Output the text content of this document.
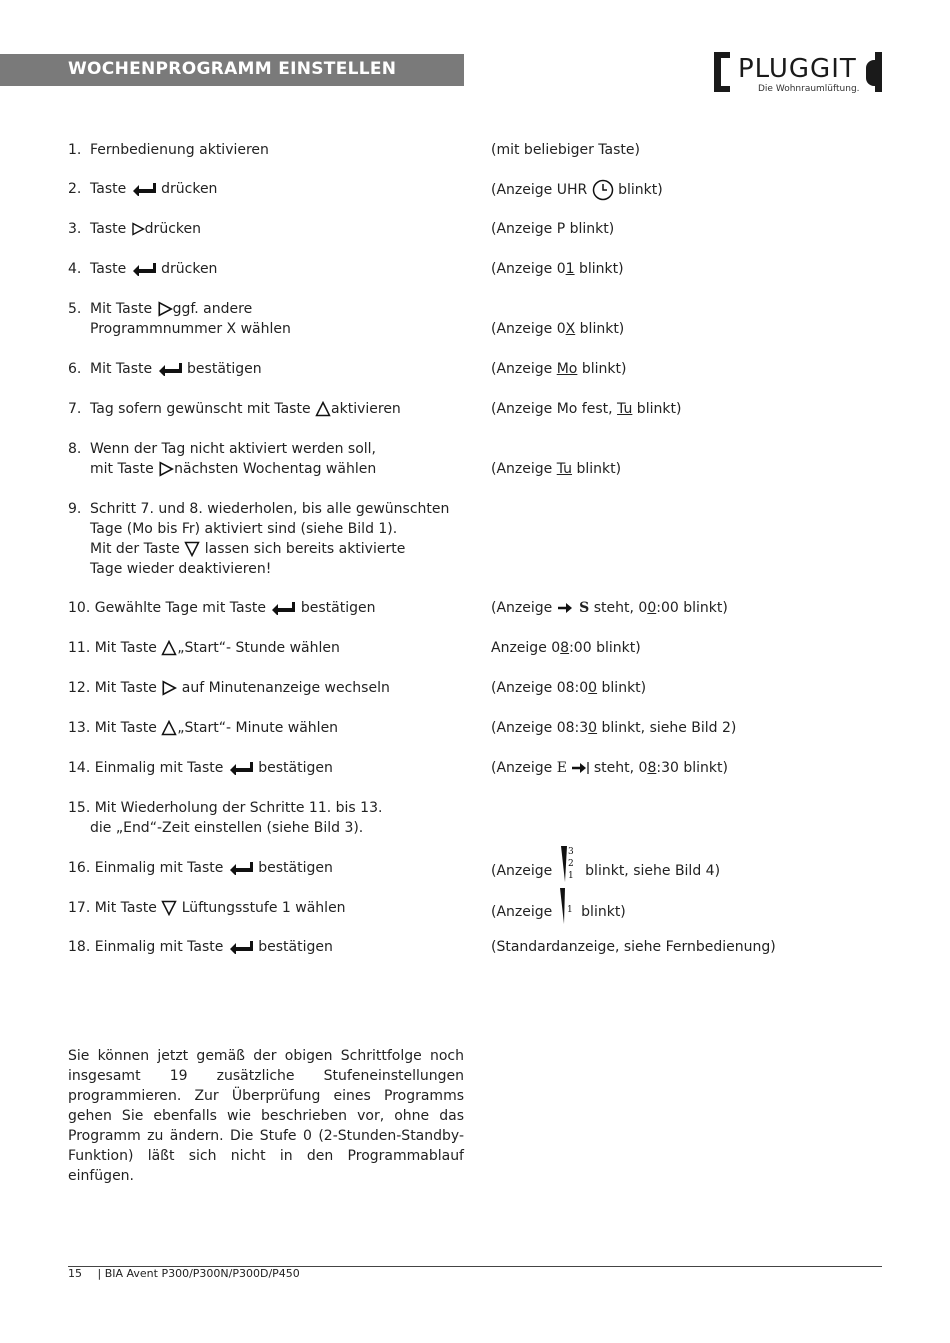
WOCHENPROGRAMM EINSTELLEN	PLUGGIT
Die Wohnraumlüftung.
1. Fernbedienung aktivieren	(mit beliebiger Taste)
2. Taste drücken	(Anzeige UHR blinkt)
3. Taste drücken	(Anzeige P blinkt)
4. Taste drücken	(Anzeige 01 blinkt)
5. Mit Taste ggf. andere
Programmnummer X wählen	(Anzeige 0X blinkt)
6. Mit Taste bestätigen	(Anzeige Mo blinkt)
7. Tag sofern gewünscht mit Taste aktivieren	(Anzeige Mo fest, Tu blinkt)
8. Wenn der Tag nicht aktiviert werden soll,
mit Taste nächsten Wochentag wählen	(Anzeige Tu blinkt)
9. Schritt 7. und 8. wiederholen, bis alle gewünschten
Tage (Mo bis Fr) aktiviert sind (siehe Bild 1).
Mit der Taste lassen sich bereits aktivierte
Tage wieder deaktivieren!
10. Gewählte Tage mit Taste bestätigen	(Anzeige S steht, 00:00 blinkt)
11. Mit Taste „Start“- Stunde wählen	Anzeige 08:00 blinkt)
12. Mit Taste auf Minutenanzeige wechseln	(Anzeige 08:00 blinkt)
13. Mit Taste „Start“- Minute wählen	(Anzeige 08:30 blinkt, siehe Bild 2)
14. Einmalig mit Taste bestätigen	(Anzeige E steht, 08:30 blinkt)
15. Mit Wiederholung der Schritte 11. bis 13.
die „End“-Zeit einstellen (siehe Bild 3).
16. Einmalig mit Taste bestätigen	(Anzeige
3
2
1 blinkt, siehe Bild 4)
17. Mit Taste Lüftungsstufe 1 wählen	(Anzeige 1 blinkt)
18. Einmalig mit Taste bestätigen	(Standardanzeige, siehe Fernbedienung)
Sie können jetzt gemäß der obigen Schrittfolge noch insgesamt 19 zusätzliche Stufeneinstellungen programmieren. Zur Überprüfung eines Programms gehen Sie ebenfalls wie beschrieben vor, ohne das Programm zu ändern. Die Stufe 0 (2-Stunden-Standby-Funktion) läßt sich nicht in den Programmablauf einfügen.
15 | BIA Avent P300/P300N/P300D/P450
